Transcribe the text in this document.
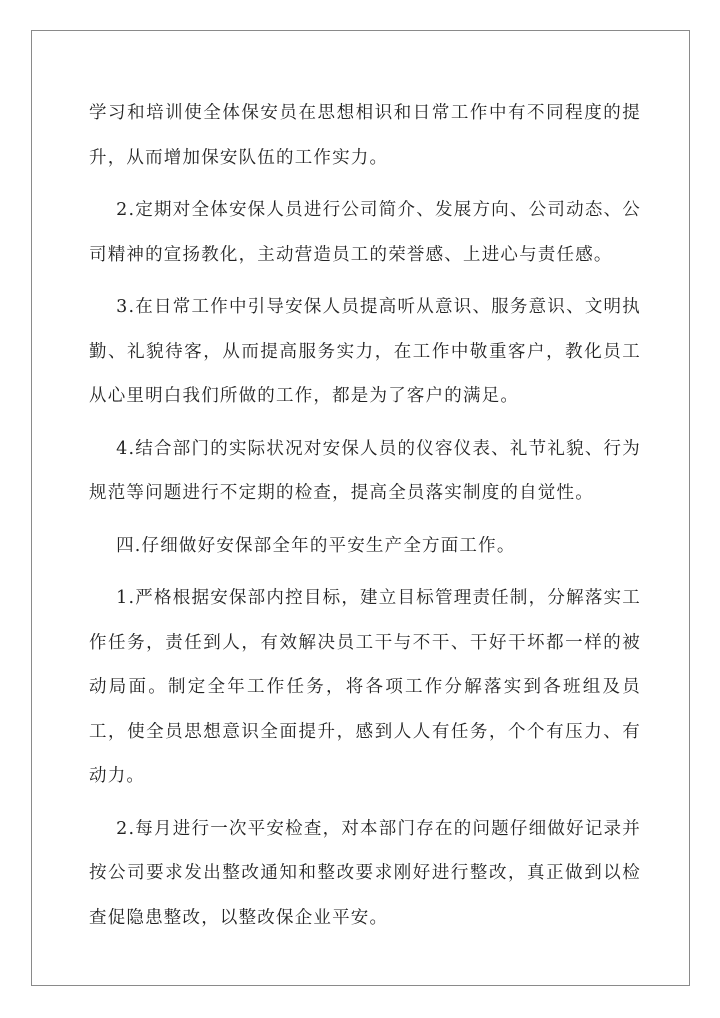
学习和培训使全体保安员在思想相识和日常工作中有不同程度的提升，从而增加保安队伍的工作实力。

2.定期对全体安保人员进行公司简介、发展方向、公司动态、公司精神的宣扬教化，主动营造员工的荣誉感、上进心与责任感。

3.在日常工作中引导安保人员提高听从意识、服务意识、文明执勤、礼貌待客，从而提高服务实力，在工作中敬重客户，教化员工从心里明白我们所做的工作，都是为了客户的满足。

4.结合部门的实际状况对安保人员的仪容仪表、礼节礼貌、行为规范等问题进行不定期的检查，提高全员落实制度的自觉性。

四.仔细做好安保部全年的平安生产全方面工作。

1.严格根据安保部内控目标，建立目标管理责任制，分解落实工作任务，责任到人，有效解决员工干与不干、干好干坏都一样的被动局面。制定全年工作任务，将各项工作分解落实到各班组及员工，使全员思想意识全面提升，感到人人有任务，个个有压力、有动力。

2.每月进行一次平安检查，对本部门存在的问题仔细做好记录并按公司要求发出整改通知和整改要求刚好进行整改，真正做到以检查促隐患整改，以整改保企业平安。
